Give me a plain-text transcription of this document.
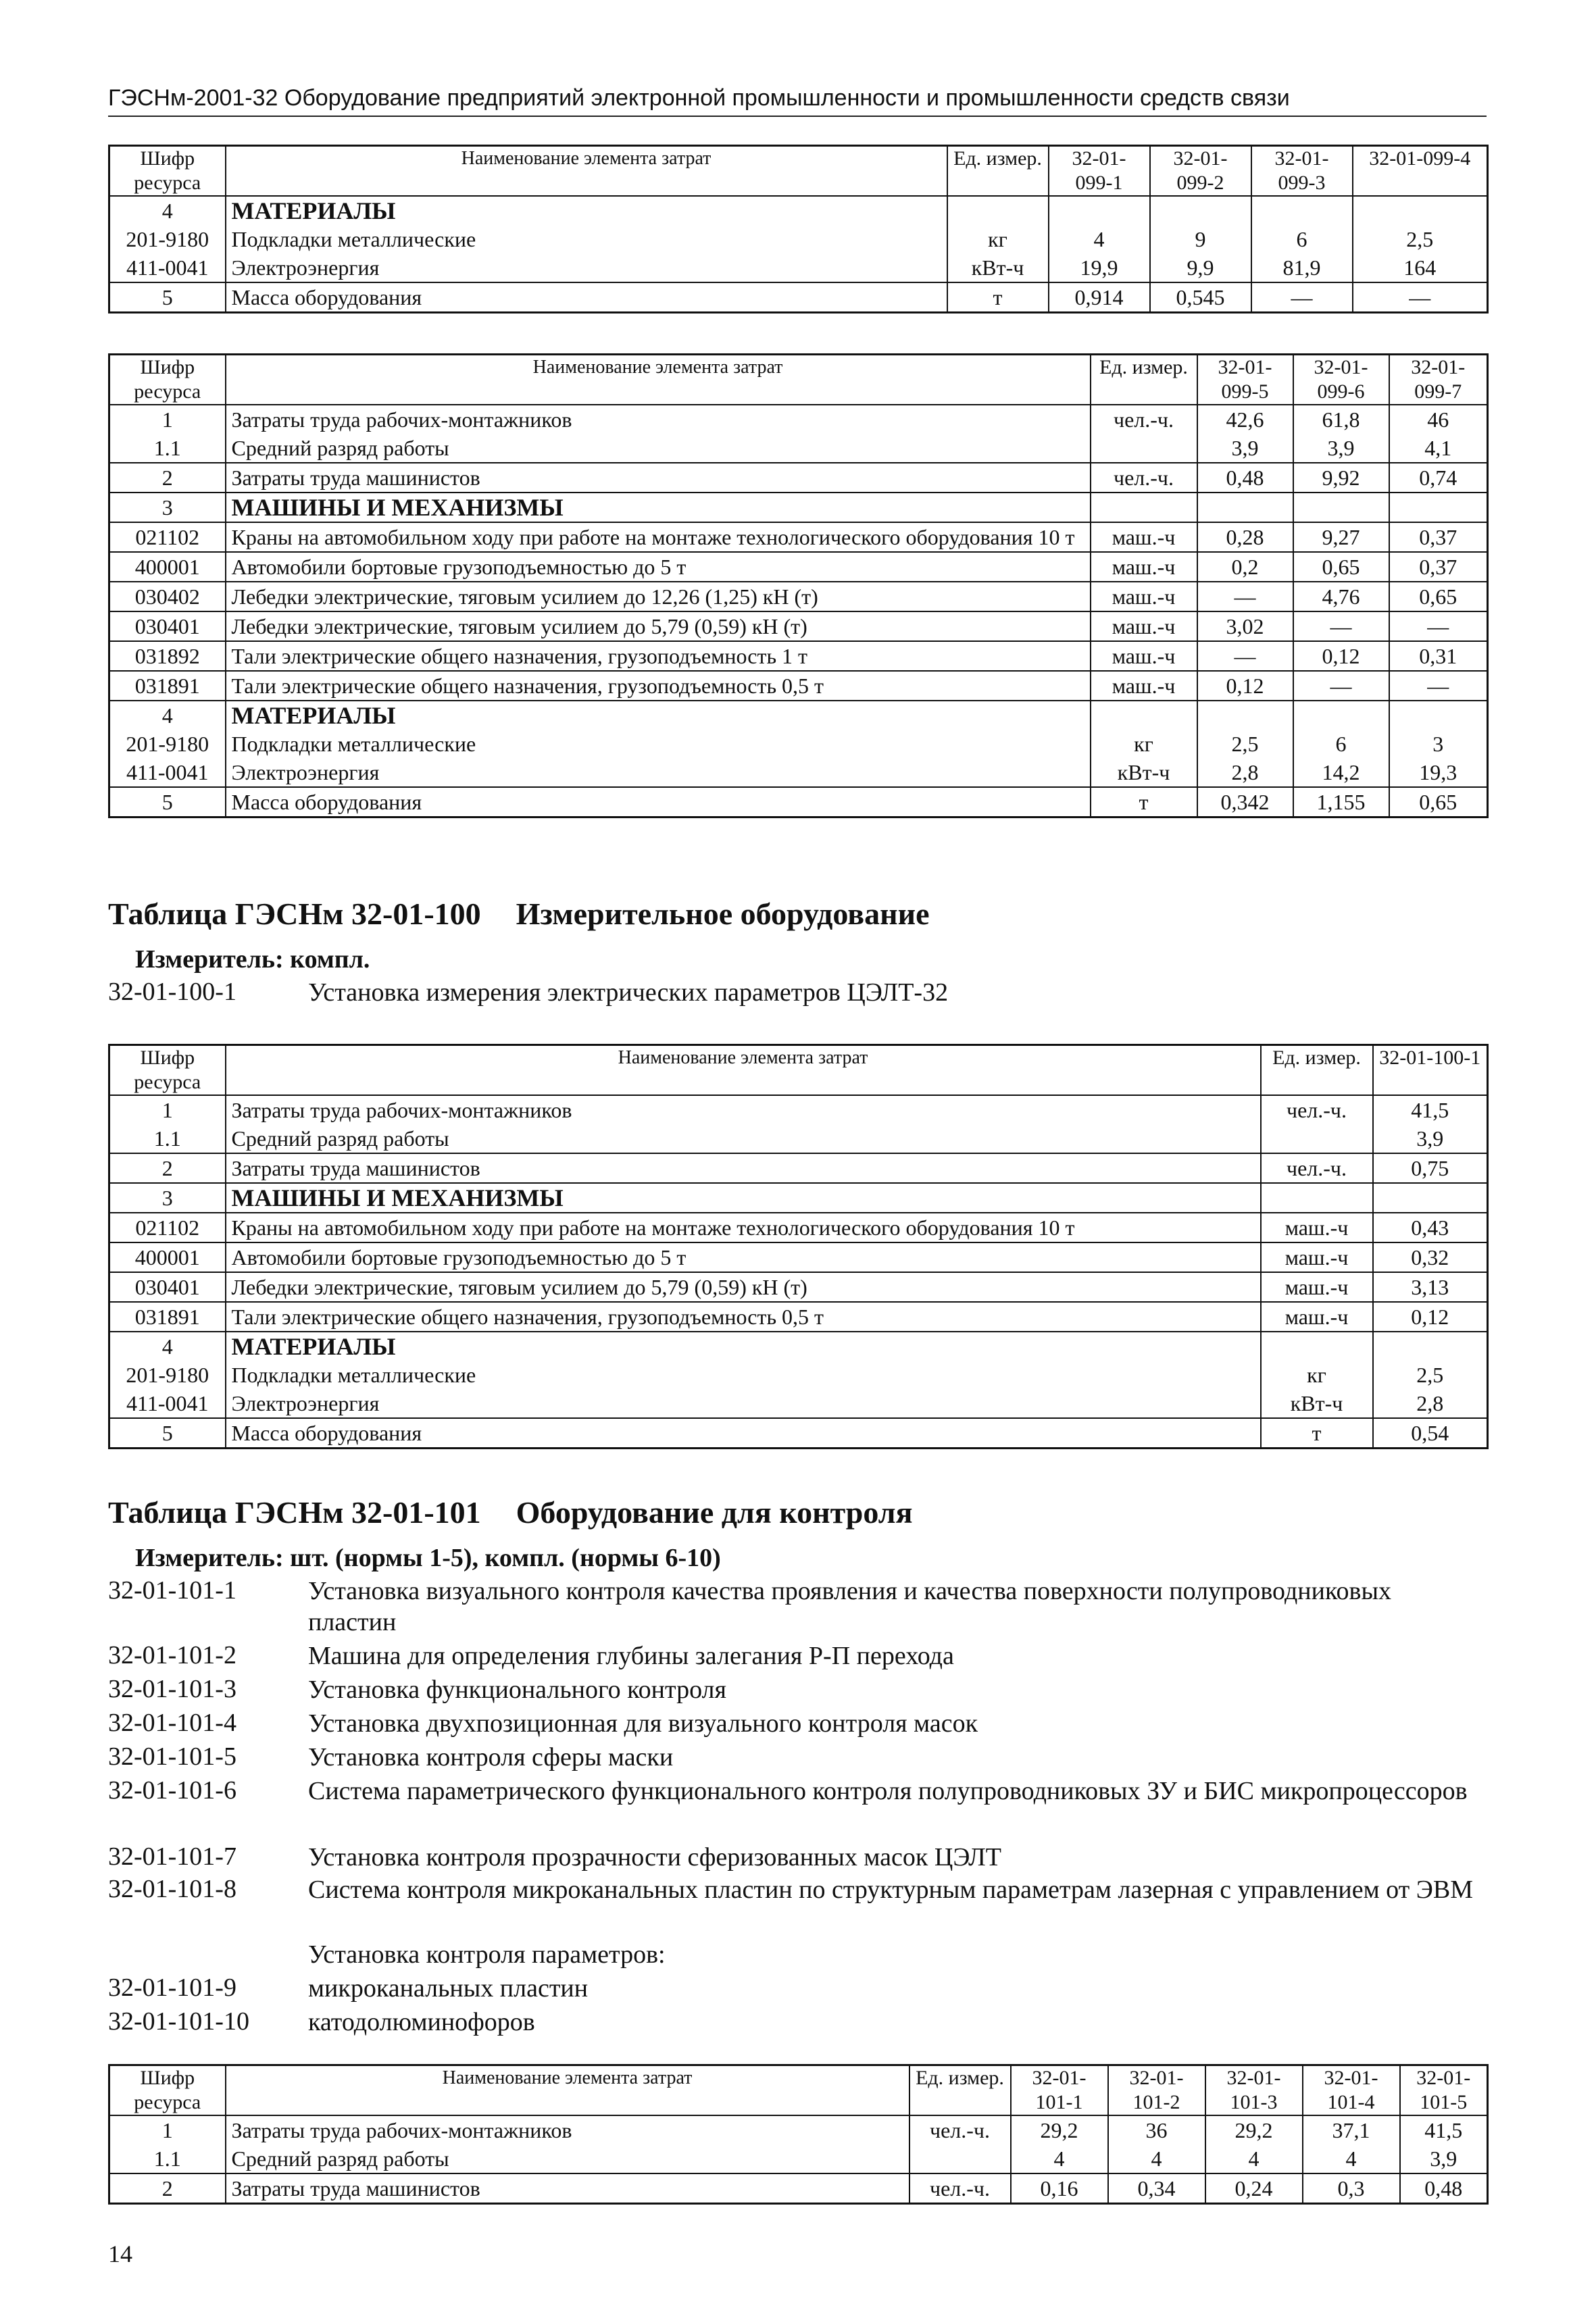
ГЭСНм-2001-32 Оборудование предприятий электронной промышленности и промышленности средств связи
Шифр ресурса	Наименование элемента затрат	Ед. измер.	32-01-099-1	32-01-099-2	32-01-099-3	32-01-099-4
4	МАТЕРИАЛЫ					
201-9180	Подкладки металлические	кг	4	9	6	2,5
411-0041	Электроэнергия	кВт-ч	19,9	9,9	81,9	164
5	Масса оборудования	т	0,914	0,545	—	—
Шифр ресурса	Наименование элемента затрат	Ед. измер.	32-01-099-5	32-01-099-6	32-01-099-7
1	Затраты труда рабочих-монтажников	чел.-ч.	42,6	61,8	46
1.1	Средний разряд работы		3,9	3,9	4,1
2	Затраты труда машинистов	чел.-ч.	0,48	9,92	0,74
3	МАШИНЫ И МЕХАНИЗМЫ				
021102	Краны на автомобильном ходу при работе на монтаже технологического оборудования 10 т	маш.-ч	0,28	9,27	0,37
400001	Автомобили бортовые грузоподъемностью до 5 т	маш.-ч	0,2	0,65	0,37
030402	Лебедки электрические, тяговым усилием до 12,26 (1,25) кН (т)	маш.-ч	—	4,76	0,65
030401	Лебедки электрические, тяговым усилием до 5,79 (0,59) кН (т)	маш.-ч	3,02	—	—
031892	Тали электрические общего назначения, грузоподъемность 1 т	маш.-ч	—	0,12	0,31
031891	Тали электрические общего назначения, грузоподъемность 0,5 т	маш.-ч	0,12	—	—
4	МАТЕРИАЛЫ				
201-9180	Подкладки металлические	кг	2,5	6	3
411-0041	Электроэнергия	кВт-ч	2,8	14,2	19,3
5	Масса оборудования	т	0,342	1,155	0,65
Таблица ГЭСНм 32-01-100 Измерительное оборудование
Измеритель: компл.
32-01-100-1	Установка измерения электрических параметров ЦЭЛТ-32
Шифр ресурса	Наименование элемента затрат	Ед. измер.	32-01-100-1
1	Затраты труда рабочих-монтажников	чел.-ч.	41,5
1.1	Средний разряд работы		3,9
2	Затраты труда машинистов	чел.-ч.	0,75
3	МАШИНЫ И МЕХАНИЗМЫ		
021102	Краны на автомобильном ходу при работе на монтаже технологического оборудования 10 т	маш.-ч	0,43
400001	Автомобили бортовые грузоподъемностью до 5 т	маш.-ч	0,32
030401	Лебедки электрические, тяговым усилием до 5,79 (0,59) кН (т)	маш.-ч	3,13
031891	Тали электрические общего назначения, грузоподъемность 0,5 т	маш.-ч	0,12
4	МАТЕРИАЛЫ		
201-9180	Подкладки металлические	кг	2,5
411-0041	Электроэнергия	кВт-ч	2,8
5	Масса оборудования	т	0,54
Таблица ГЭСНм 32-01-101 Оборудование для контроля
Измеритель: шт. (нормы 1-5), компл. (нормы 6-10)
32-01-101-1	Установка визуального контроля качества проявления и качества поверхности полупроводниковых пластин
32-01-101-2	Машина для определения глубины залегания Р-П перехода
32-01-101-3	Установка функционального контроля
32-01-101-4	Установка двухпозиционная для визуального контроля масок
32-01-101-5	Установка контроля сферы маски
32-01-101-6	Система параметрического функционального контроля полупроводниковых ЗУ и БИС микропроцессоров
32-01-101-7	Установка контроля прозрачности сферизованных масок ЦЭЛТ
32-01-101-8	Система контроля микроканальных пластин по структурным параметрам лазерная с управлением от ЭВМ
Установка контроля параметров:
32-01-101-9	микроканальных пластин
32-01-101-10 катодолюминофоров
Шифр ресурса	Наименование элемента затрат	Ед. измер.	32-01-101-1	32-01-101-2	32-01-101-3	32-01-101-4	32-01-101-5
1	Затраты труда рабочих-монтажников	чел.-ч.	29,2	36	29,2	37,1	41,5
1.1	Средний разряд работы		4	4	4	4	3,9
2	Затраты труда машинистов	чел.-ч.	0,16	0,34	0,24	0,3	0,48
14
